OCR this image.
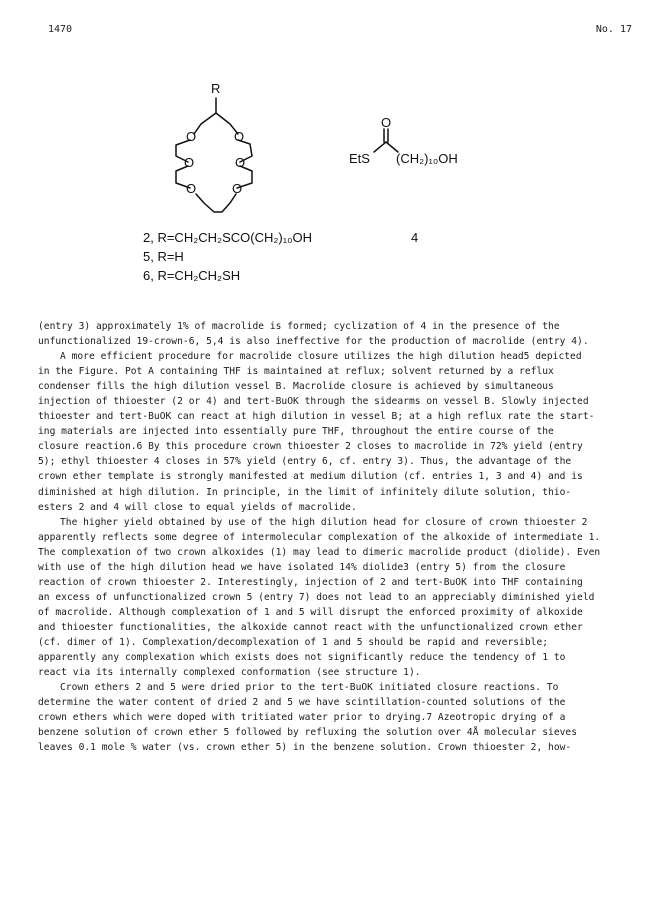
1470	No. 17
R
O	O
O	O
O	O
O
EtS (CH₂)₁₀OH
2, R=CH₂CH₂SCO(CH₂)₁₀OH
5, R=H
6, R=CH₂CH₂SH
4
(entry 3) approximately 1% of macrolide is formed; cyclization of 4 in the presence of the
unfunctionalized 19-crown-6, 5,4 is also ineffective for the production of macrolide (entry 4).
A more efficient procedure for macrolide closure utilizes the high dilution head5 depicted
in the Figure. Pot A containing THF is maintained at reflux; solvent returned by a reflux
condenser fills the high dilution vessel B. Macrolide closure is achieved by simultaneous
injection of thioester (2 or 4) and tert-BuOK through the sidearms on vessel B. Slowly injected
thioester and tert-BuOK can react at high dilution in vessel B; at a high reflux rate the start-
ing materials are injected into essentially pure THF, throughout the entire course of the
closure reaction.6 By this procedure crown thioester 2 closes to macrolide in 72% yield (entry
5); ethyl thioester 4 closes in 57% yield (entry 6, cf. entry 3). Thus, the advantage of the
crown ether template is strongly manifested at medium dilution (cf. entries 1, 3 and 4) and is
diminished at high dilution. In principle, in the limit of infinitely dilute solution, thio-
esters 2 and 4 will close to equal yields of macrolide.
The higher yield obtained by use of the high dilution head for closure of crown thioester 2
apparently reflects some degree of intermolecular complexation of the alkoxide of intermediate 1.
The complexation of two crown alkoxides (1) may lead to dimeric macrolide product (diolide). Even
with use of the high dilution head we have isolated 14% diolide3 (entry 5) from the closure
reaction of crown thioester 2. Interestingly, injection of 2 and tert-BuOK into THF containing
an excess of unfunctionalized crown 5 (entry 7) does not lead to an appreciably diminished yield
of macrolide. Although complexation of 1 and 5 will disrupt the enforced proximity of alkoxide
and thioester functionalities, the alkoxide cannot react with the unfunctionalized crown ether
(cf. dimer of 1). Complexation/decomplexation of 1 and 5 should be rapid and reversible;
apparently any complexation which exists does not significantly reduce the tendency of 1 to
react via its internally complexed conformation (see structure 1).
Crown ethers 2 and 5 were dried prior to the tert-BuOK initiated closure reactions. To
determine the water content of dried 2 and 5 we have scintillation-counted solutions of the
crown ethers which were doped with tritiated water prior to drying.7 Azeotropic drying of a
benzene solution of crown ether 5 followed by refluxing the solution over 4Å molecular sieves
leaves 0.1 mole % water (vs. crown ether 5) in the benzene solution. Crown thioester 2, how-
